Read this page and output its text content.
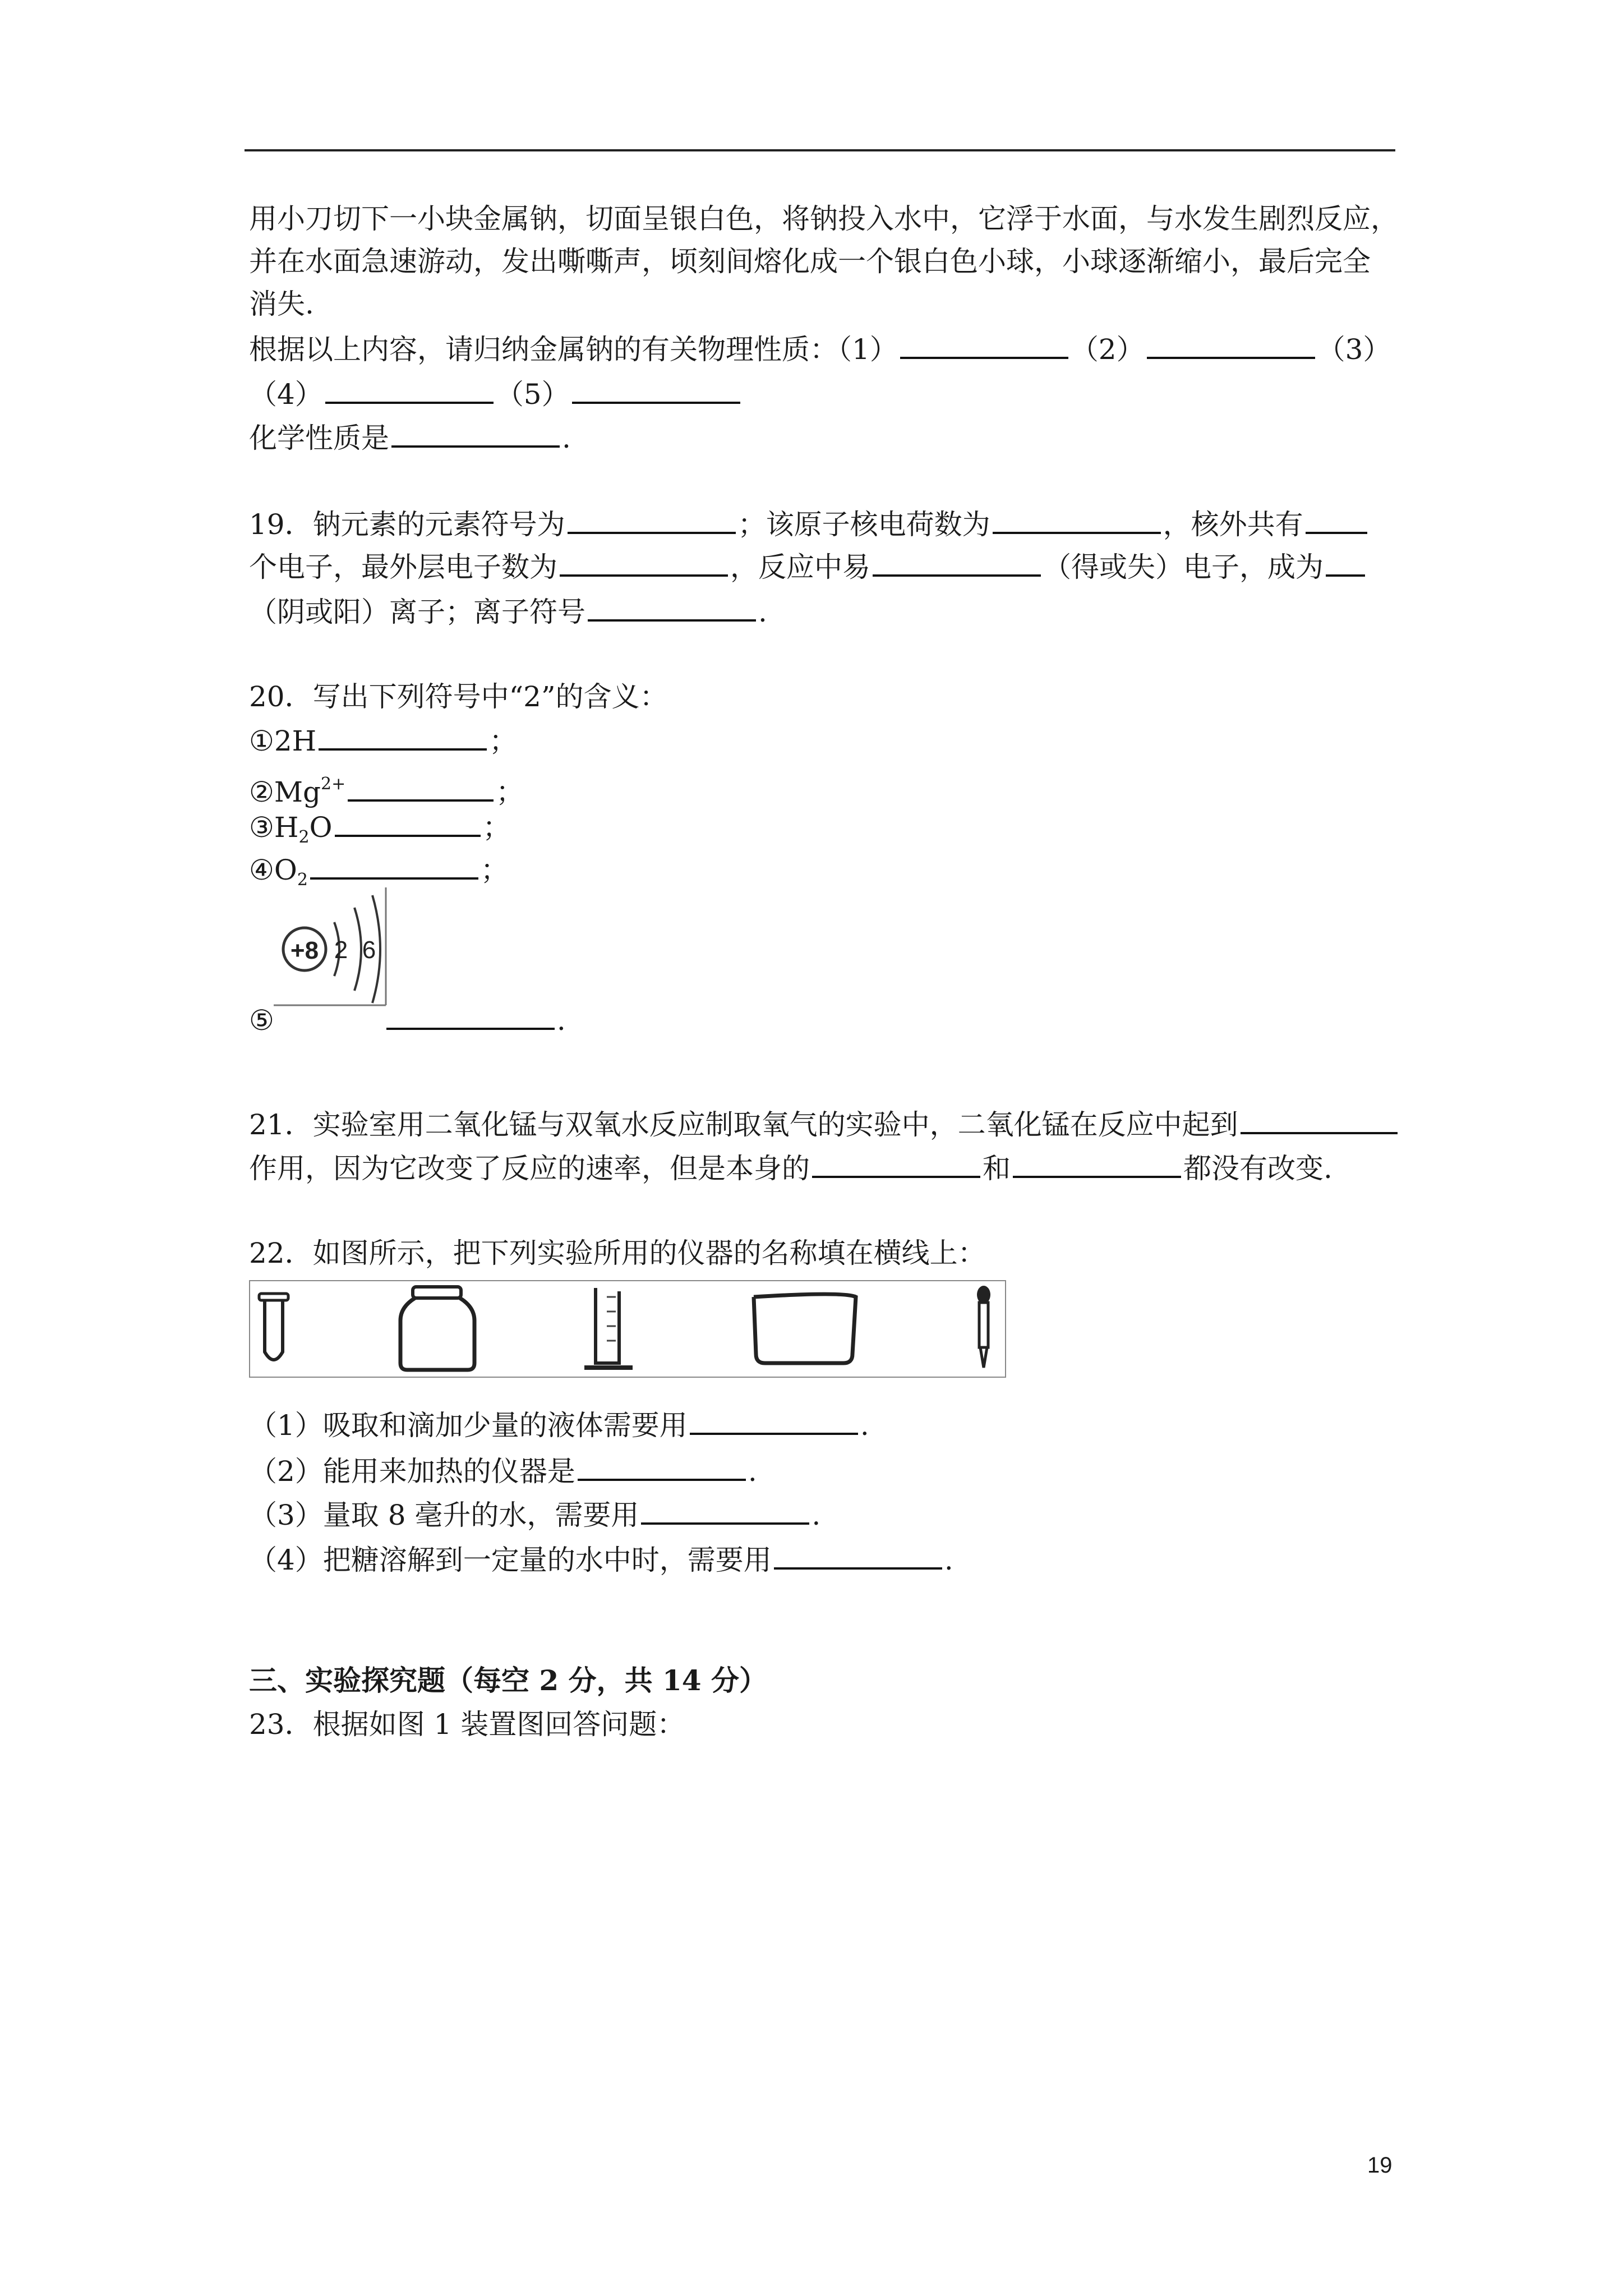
用小刀切下一小块金属钠，切面呈银白色，将钠投入水中，它浮于水面，与水发生剧烈反应，
并在水面急速游动，发出嘶嘶声，顷刻间熔化成一个银白色小球，小球逐渐缩小，最后完全
消失.
根据以上内容，请归纳金属钠的有关物理性质：（1）	（2）	（3）
（4）	（5）
化学性质是	.
19．钠元素的元素符号为	；该原子核电荷数为	，核外共有
个电子，最外层电子数为	，反应中易	（得或失）电子，成为
（阴或阳）离子；离子符号	.
20．写出下列符号中“2”的含义：
①2H	；
$②Mg^{2+}$	；
$③H_2O$	；
$④O_2$	；
+8 2 6
⑤	.
21．实验室用二氧化锰与双氧水反应制取氧气的实验中，二氧化锰在反应中起到
作用，因为它改变了反应的速率，但是本身的	和	都没有改变.
22．如图所示，把下列实验所用的仪器的名称填在横线上：
（1）吸取和滴加少量的液体需要用	.
（2）能用来加热的仪器是	.
（3）量取 8 毫升的水，需要用	.
（4）把糖溶解到一定量的水中时，需要用	.
三、实验探究题（每空 2 分，共 14 分）
23．根据如图 1 装置图回答问题：
19
